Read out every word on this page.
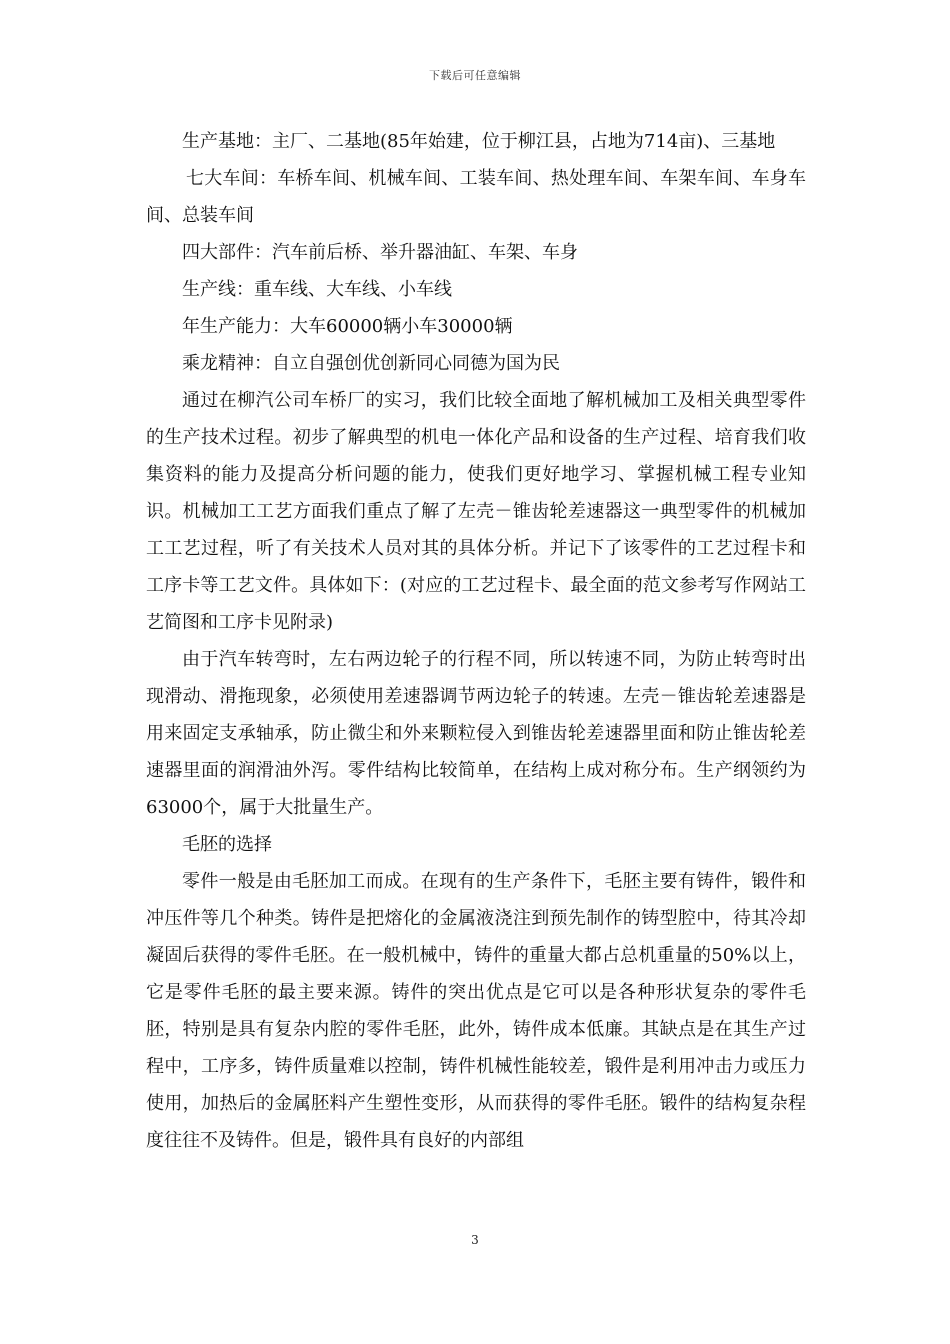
下载后可任意编辑

生产基地：主厂、二基地(85年始建，位于柳江县，占地为714亩)、三基地

七大车间：车桥车间、机械车间、工装车间、热处理车间、车架车间、车身车间、总装车间

四大部件：汽车前后桥、举升器油缸、车架、车身

生产线：重车线、大车线、小车线

年生产能力：大车60000辆小车30000辆

乘龙精神：自立自强创优创新同心同德为国为民

通过在柳汽公司车桥厂的实习，我们比较全面地了解机械加工及相关典型零件的生产技术过程。初步了解典型的机电一体化产品和设备的生产过程、培育我们收集资料的能力及提高分析问题的能力，使我们更好地学习、掌握机械工程专业知识。机械加工工艺方面我们重点了解了左壳－锥齿轮差速器这一典型零件的机械加工工艺过程，听了有关技术人员对其的具体分析。并记下了该零件的工艺过程卡和工序卡等工艺文件。具体如下：(对应的工艺过程卡、最全面的范文参考写作网站工艺简图和工序卡见附录)

由于汽车转弯时，左右两边轮子的行程不同，所以转速不同，为防止转弯时出现滑动、滑拖现象，必须使用差速器调节两边轮子的转速。左壳－锥齿轮差速器是用来固定支承轴承，防止微尘和外来颗粒侵入到锥齿轮差速器里面和防止锥齿轮差速器里面的润滑油外泻。零件结构比较简单，在结构上成对称分布。生产纲领约为63000个，属于大批量生产。

毛胚的选择

零件一般是由毛胚加工而成。在现有的生产条件下，毛胚主要有铸件，锻件和冲压件等几个种类。铸件是把熔化的金属液浇注到预先制作的铸型腔中，待其冷却凝固后获得的零件毛胚。在一般机械中，铸件的重量大都占总机重量的50%以上，它是零件毛胚的最主要来源。铸件的突出优点是它可以是各种形状复杂的零件毛胚，特别是具有复杂内腔的零件毛胚，此外，铸件成本低廉。其缺点是在其生产过程中，工序多，铸件质量难以控制，铸件机械性能较差，锻件是利用冲击力或压力使用，加热后的金属胚料产生塑性变形，从而获得的零件毛胚。锻件的结构复杂程度往往不及铸件。但是，锻件具有良好的内部组

3
